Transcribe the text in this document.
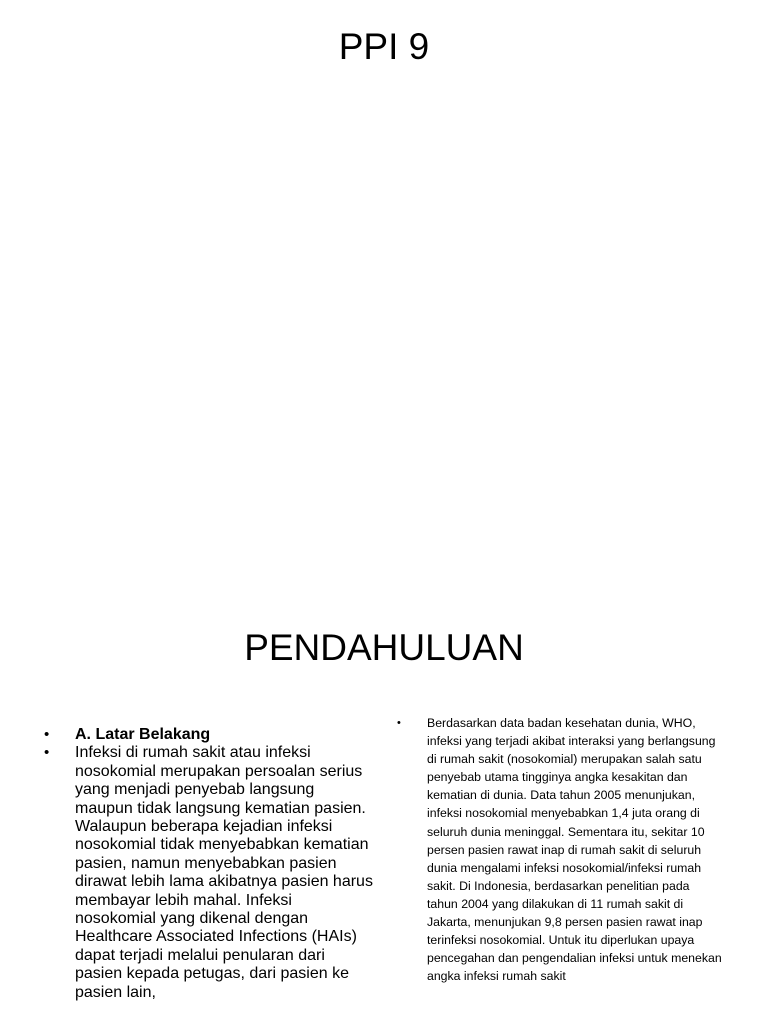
PPI 9
PENDAHULUAN
• A. Latar Belakang
• Infeksi di rumah sakit atau infeksi nosokomial merupakan persoalan serius yang menjadi penyebab langsung maupun tidak langsung kematian pasien. Walaupun beberapa kejadian infeksi nosokomial tidak menyebabkan kematian pasien, namun menyebabkan pasien dirawat lebih lama akibatnya pasien harus membayar lebih mahal. Infeksi nosokomial yang dikenal dengan Healthcare Associated Infections (HAIs) dapat terjadi melalui penularan dari pasien kepada petugas, dari pasien ke pasien lain,
• Berdasarkan data badan kesehatan dunia, WHO, infeksi yang terjadi akibat interaksi yang berlangsung di rumah sakit (nosokomial) merupakan salah satu penyebab utama tingginya angka kesakitan dan kematian di dunia. Data tahun 2005 menunjukan, infeksi nosokomial menyebabkan 1,4 juta orang di seluruh dunia meninggal. Sementara itu, sekitar 10 persen pasien rawat inap di rumah sakit di seluruh dunia mengalami infeksi nosokomial/infeksi rumah sakit. Di Indonesia, berdasarkan penelitian pada tahun 2004 yang dilakukan di 11 rumah sakit di Jakarta, menunjukan 9,8 persen pasien rawat inap terinfeksi nosokomial. Untuk itu diperlukan upaya pencegahan dan pengendalian infeksi untuk menekan angka infeksi rumah sakit
